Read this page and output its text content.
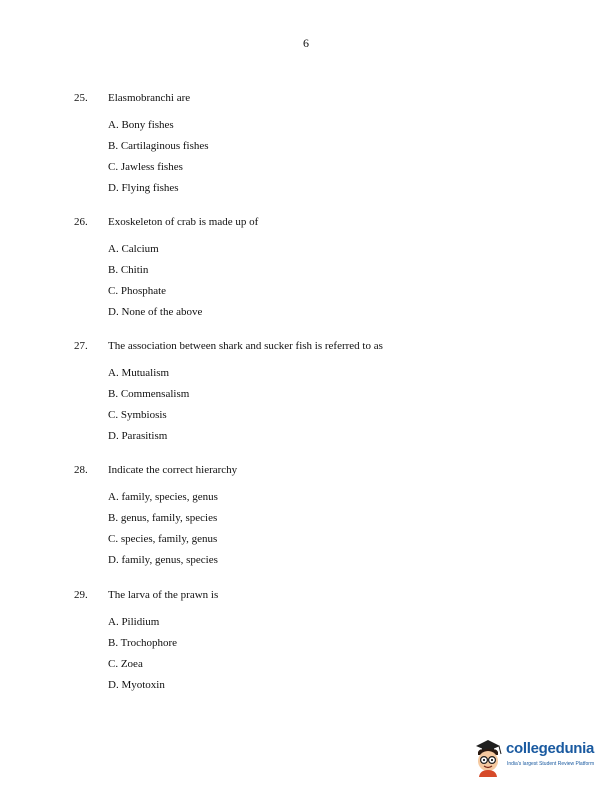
6
25. Elasmobranchi are
A. Bony fishes
B. Cartilaginous fishes
C. Jawless fishes
D. Flying fishes
26. Exoskeleton of crab is made up of
A. Calcium
B. Chitin
C. Phosphate
D. None of the above
27. The association between shark and sucker fish is referred to as
A. Mutualism
B. Commensalism
C. Symbiosis
D. Parasitism
28. Indicate the correct hierarchy
A. family, species, genus
B. genus, family, species
C. species, family, genus
D. family, genus, species
29. The larva of the prawn is
A. Pilidium
B. Trochophore
C. Zoea
D. Myotoxin
collegedunia
India's largest Student Review Platform
